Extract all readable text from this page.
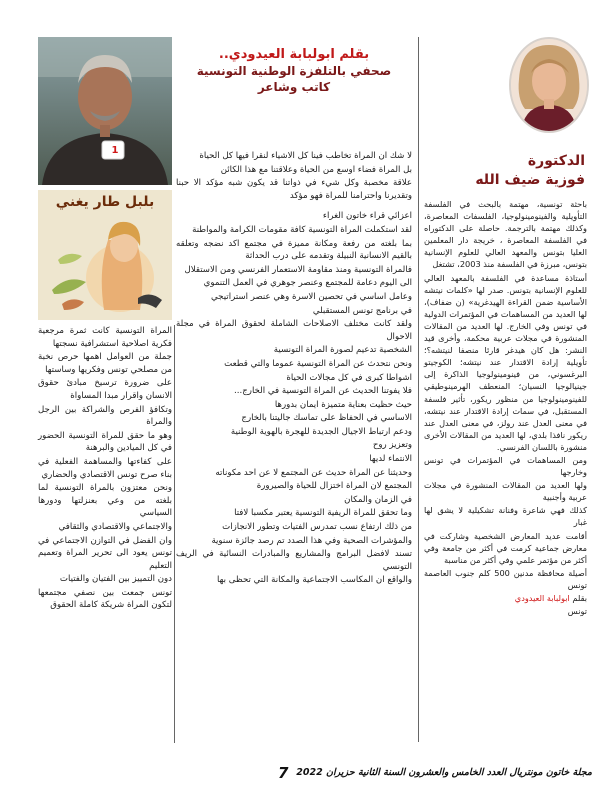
الدكتورة
فوزية ضيف الله
بقلم ابولبابة العيدودي..
صحفي بالتلفزة الوطنية التونسية
كاتب وشاعر
1
بلبل طار يغني	باحثة تونسية، مهتمة بالبحث في الفلسفة التأويلية والفينومينولوجيا، الفلسفات المعاصرة، وكذلك مهتمة بالترجمة. حاصلة على الدكتوراه في الفلسفة المعاصرة ، خريجة دار المعلمين العليا بتونس والمعهد العالي للعلوم الإنسانية بتونس، مبرزة في الفلسفة منذ 2003، تشتغل

أستاذة مساعدة في الفلسفة بالمعهد العالي للعلوم الإنسانية بتونس. صدر لها «كلمات نيتشه الأساسية ضمن القراءة الهيدغرية» (ن ضفاف)، لها العديد من المساهمات في المؤتمرات الدولية في تونس وفي الخارج. لها العديد من المقالات المنشورة في مجلات عربية محكمة، وأخرى قيد النشر: هل كان هيدغر قارئا منصفا لنيتشه؟؛ تأويلية إرادة الاقتدار عند نيتشه؛ الكوجيتو البرغسوني، من فينومينولوجيا الذاكرة إلى جينيالوجيا النسيان؛ المنعطف الهرمينوطيقي للفينومينولوجيا من منظور ريكور، تأثير فلسفة المستقبل، في سمات إرادة الاقتدار عند نيتشه، في معنى العدل عند رولز، في معنى العدل عند ريكور نافذا بلدي، لها العديد من المقالات الأخرى منشورة باللسان الفرنسي.

ومن المساهمات في المؤتمرات في تونس وخارجها

ولها العديد من المقالات المنشورة في مجلات عربية وأجنبية

كذلك فهي شاعرة وفنانة تشكيلية لا يشق لها غبار

أقامت عديد المعارض الشخصية وشاركت في معارض جماعية كرمت في أكثر من جامعة وفي أكثر من مؤتمر علمي وفي أكثر من مناسبة

أصيلة محافظة مدنين 500 كلم جنوب العاصمة تونس

بقلم ابولبابة العيدودي

تونس

لا شك ان المراة تخاطب فينا كل الاشياء لنقرا فيها كل الحياة

بل المراة فضاء اوسع من الحياة وعلاقتنا مع هذا الكائن

علاقة مخصبة وكل شيء في ذواتنا قد يكون شبه مؤكد الا حبنا وتقديرنا واحترامنا للمراة فهو مؤكد

اعزائي قراء خاتون الغراء

لقد استكملت المراة التونسية كافة مقومات الكرامة والمواطنة

بما بلغته من رفعة ومكانة مميزة في مجتمع اكد نضجه وتعلقه بالقيم الانسانية النبيلة وتقدمه على درب الحداثة

فالمراة التونسية ومنذ مقاومة الاستعمار الفرنسي ومن الاستقلال

الى اليوم دعامة للمجتمع وعنصر جوهري في العمل التنموي

وعامل اساسي في تحصين الاسرة وهي عنصر استراتيجي

في برنامج تونس المستقبلي

ولقد كانت مختلف الاصلاحات الشاملة لحقوق المراة في مجلة الاحوال

الشخصية تدعيم لصورة المراة التونسية

ونحن نتحدث عن المراة التونسية عموما والتي قطعت

اشواطا كبرى في كل مجالات الحياة

فلا يفوتنا الحديث عن المراة التونسية في الخارج...

حيث حظيت بعناية متميزة ايمان بدورها

الاساسي في الحفاظ على تماسك جاليتنا بالخارج

ودعم ارتباط الاجيال الجديدة للهجرة بالهوية الوطنية

وتعزيز روح

الانتماء لديها

وحديثنا عن المراة حديث عن المجتمع لا عن احد مكوناته

المجتمع لان المراة اختزال للحياة والصيرورة

في الزمان والمكان

وما تحقق للمراة الريفية التونسية يعتبر مكسبا لافتا

من ذلك ارتفاع نسب تمدرس الفتيات وتطور الانجازات

والمؤشرات الصحية وفي هذا الصدد تم رصد جائزة سنوية

تسند لافضل البرامج والمشاريع والمبادرات النسائية في الريف التونسي

والواقع ان المكاسب الاجتماعية والمكانة التي تحظى بها

المراة التونسية كانت ثمرة مرجعية فكرية اصلاحية استشرافية نسجتها

جملة من العوامل اهمها حرص نخبة من مصلحي تونس وفكريها وساستها

على ضرورة ترسيخ مبادئ حقوق الانسان واقرار مبدا المساواة

وتكافؤ الفرص والشراكة بين الرجل والمراة

وهو ما حقق للمراة التونسية الحضور في كل الميادين والبرهنة

على كفاءتها والمساهمة الفعلية في بناء صرح تونس الاقتصادي والحضاري

ونحن معتزون بالمراة التونسية لما بلغته من وعي بعنزلتها ودورها السياسي

والاجتماعي والاقتصادي والثقافي

وان الفضل في التوازن الاجتماعي في تونس يعود الى تحرير المراة وتعميم التعليم

دون التمييز بين الفتيان والفتيات

تونس جمعت بين نصفي مجتمعها لتكون المراة شريكة كاملة الحقوق

7 مجلة خاتون مونتريال العدد الخامس والعشرون السنة الثانية حزيران 2022
